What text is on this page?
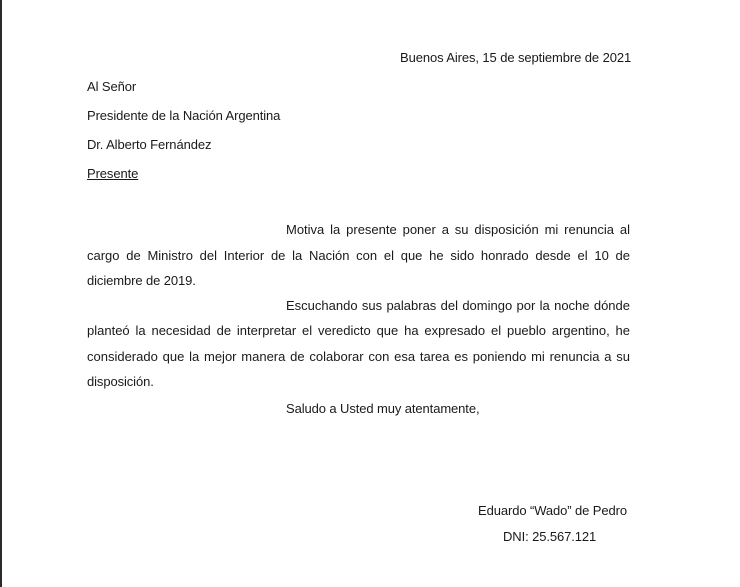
Buenos Aires, 15 de septiembre de 2021
Al Señor
Presidente de la Nación Argentina
Dr. Alberto Fernández
Presente
Motiva la presente poner a su disposición mi renuncia al
cargo de Ministro del Interior de la Nación con el que he sido honrado desde el 10 de
diciembre de 2019.
Escuchando sus palabras del domingo por la noche dónde
planteó la necesidad de interpretar el veredicto que ha expresado el pueblo argentino, he
considerado que la mejor manera de colaborar con esa tarea es poniendo mi renuncia a su
disposición.
Saludo a Usted muy atentamente,
Eduardo “Wado” de Pedro
DNI: 25.567.121
